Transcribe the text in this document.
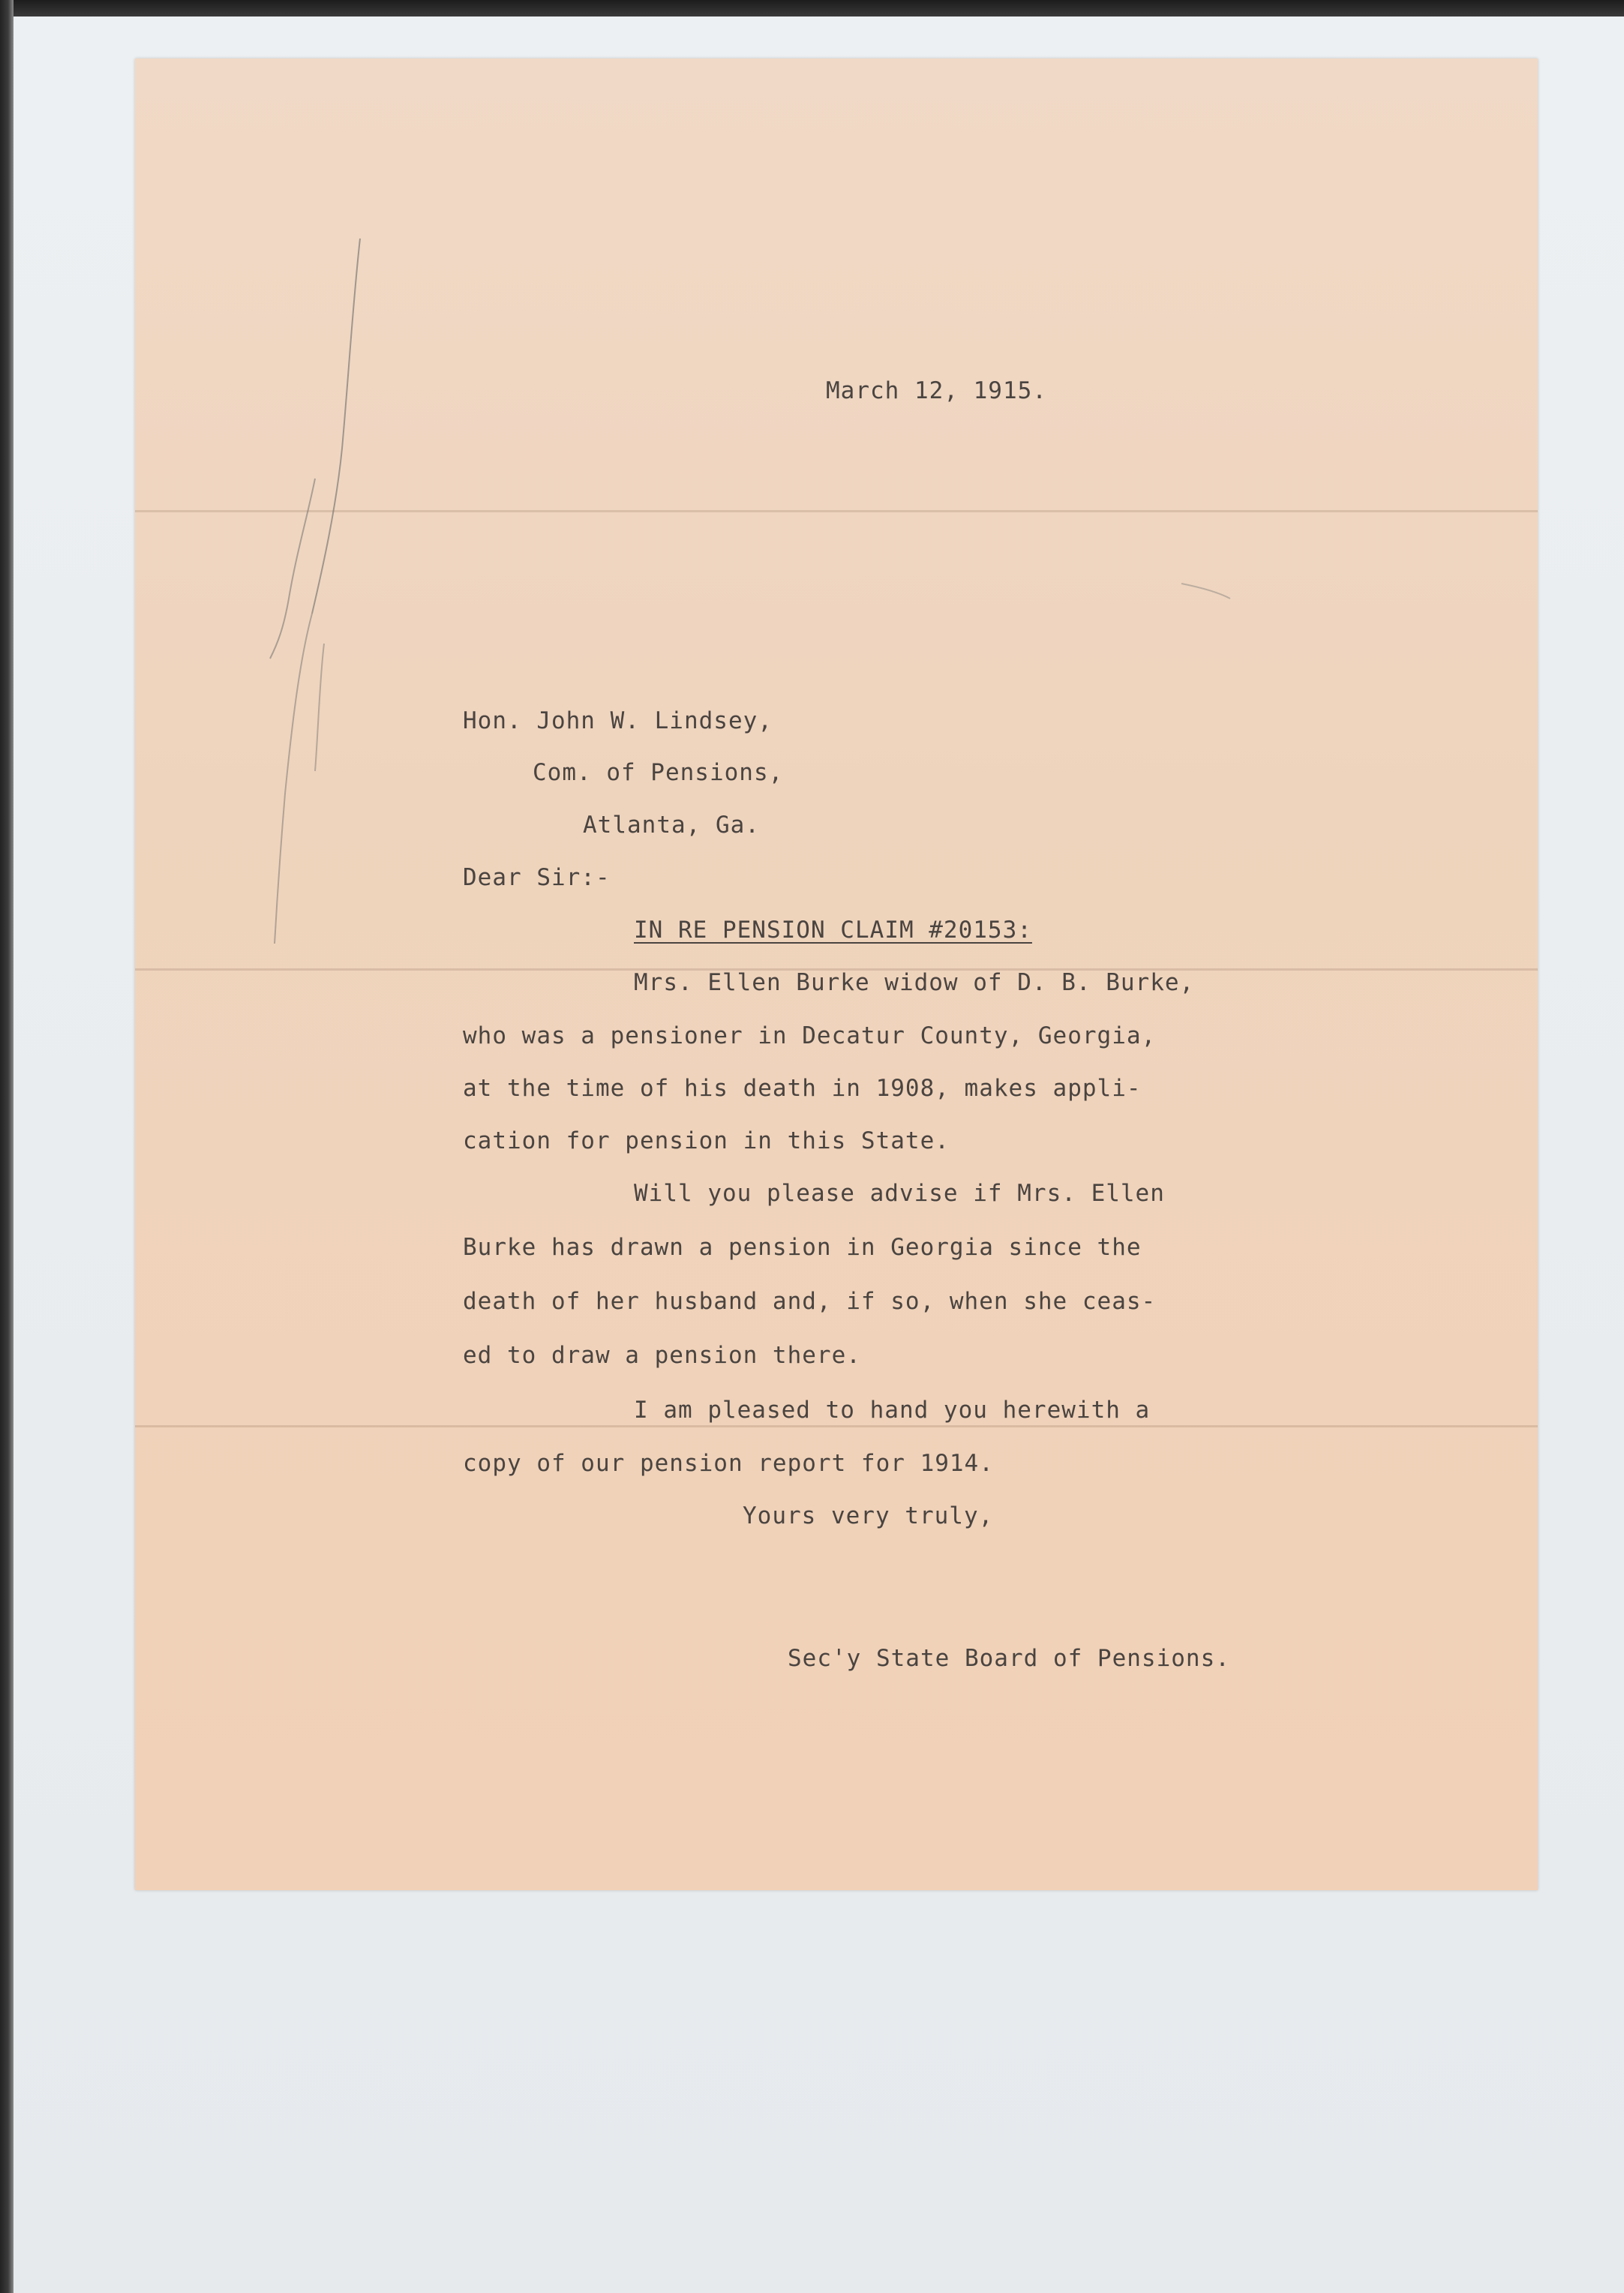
March 12, 1915.
Hon. John W. Lindsey,
Com. of Pensions,
Atlanta, Ga.
Dear Sir:-
IN RE PENSION CLAIM #20153:
Mrs. Ellen Burke widow of D. B. Burke,
who was a pensioner in Decatur County, Georgia,
at the time of his death in 1908, makes appli-
cation for pension in this State.
Will you please advise if Mrs. Ellen
Burke has drawn a pension in Georgia since the
death of her husband and, if so, when she ceas-
ed to draw a pension there.
I am pleased to hand you herewith a
copy of our pension report for 1914.
Yours very truly,
Sec'y State Board of Pensions.
